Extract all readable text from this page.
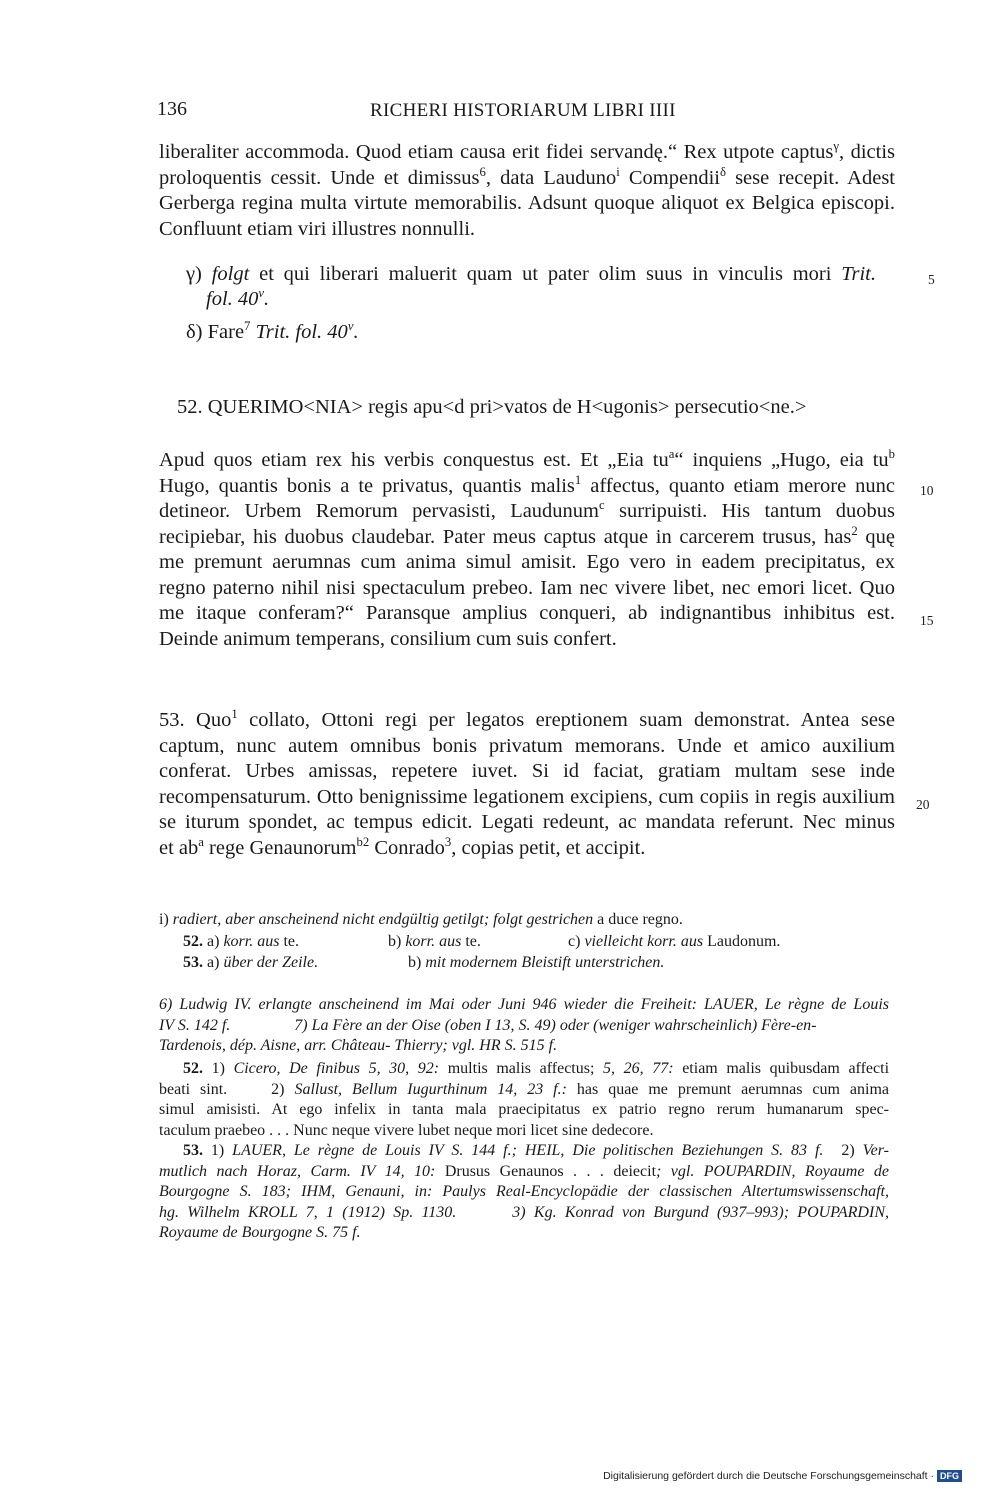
136	RICHERI HISTORIARUM LIBRI IIII
liberaliter accommoda. Quod etiam causa erit fidei servandę.“ Rex utpote captus$^\gamma$, dictis
proloquentis cessit. Unde et dimissus$^6$, data Lauduno$^i$ Compendii$^\delta$ sese recepit. Adest
Gerberga regina multa virtute memorabilis. Adsunt quoque aliquot ex Belgica episcopi.
Confluunt etiam viri illustres nonnulli.
γ) folgt et qui liberari maluerit quam ut pater olim suus in vinculis mori Trit.
fol. 40$^v$.
δ) Fare$^7$ Trit. fol. 40$^v$.
5
52. QUERIMO<NIA> regis apu<d pri>vatos de H<ugonis> persecutio<ne.>
Apud quos etiam rex his verbis conquestus est. Et „Eia $tu^a“$ inquiens „Hugo, eia $tu^b$
Hugo, quantis bonis a te privatus, quantis malis$^1$ affectus, quanto etiam merore nunc
detineor. Urbem Remorum pervasisti, Laudunum$^c$ surripuisti. His tantum duobus
recipiebar, his duobus claudebar. Pater meus captus atque in carcerem trusus, has$^2$ quę
me premunt aerumnas cum anima simul amisit. Ego vero in eadem precipitatus, ex
regno paterno nihil nisi spectaculum prebeo. Iam nec vivere libet, nec emori licet. Quo
me itaque conferam?“ Paransque amplius conqueri, ab indignantibus inhibitus est.
Deinde animum temperans, consilium cum suis confert.
10
15
53. Quo$^1$ collato, Ottoni regi per legatos ereptionem suam demonstrat. Antea sese
captum, nunc autem omnibus bonis privatum memorans. Unde et amico auxilium
conferat. Urbes amissas, repetere iuvet. Si id faciat, gratiam multam sese inde
recompensaturum. Otto benignissime legationem excipiens, cum copiis in regis auxilium
se iturum spondet, ac tempus edicit. Legati redeunt, ac mandata referunt. Nec minus
et $ab^a$ rege Genaunorum$^{b2}$ Conrado$^3$, copias petit, et accipit.
20
i) radiert, aber anscheinend nicht endgültig getilgt; folgt gestrichen a duce regno.
52. a) korr. aus te.	b) korr. aus te.	c) vielleicht korr. aus Laudonum.
53. a) über der Zeile.	b) mit modernem Bleistift unterstrichen.
6) Ludwig IV. erlangte anscheinend im Mai oder Juni 946 wieder die Freiheit: LAUER, Le règne de Louis
IV S. 142 f.	7) La Fère an der Oise (oben I 13, S. 49) oder (weniger wahrscheinlich) Fère-en-
Tardenois, dép. Aisne, arr. Château- Thierry; vgl. HR S. 515 f.
52. 1) Cicero, De finibus 5, 30, 92: multis malis affectus; 5, 26, 77: etiam malis quibusdam affecti
beati sint.	2) Sallust, Bellum Iugurthinum 14, 23 f.: has quae me premunt aerumnas cum anima
simul amisisti. At ego infelix in tanta mala praecipitatus ex patrio regno rerum humanarum spec-
taculum praebeo . . . Nunc neque vivere lubet neque mori licet sine dedecore.
53. 1) LAUER, Le règne de Louis IV S. 144 f.; HEIL, Die politischen Beziehungen S. 83 f. 2) Ver-
mutlich nach Horaz, Carm. IV 14, 10: Drusus Genaunos . . . deiecit; vgl. POUPARDIN, Royaume de
Bourgogne S. 183; IHM, Genauni, in: Paulys Real-Encyclopädie der classischen Altertumswissenschaft,
hg. Wilhelm KROLL 7, 1 (1912) Sp. 1130.	3) Kg. Konrad von Burgund (937–993); POUPARDIN,
Royaume de Bourgogne S. 75 f.
Digitalisierung gefördert durch die Deutsche Forschungsgemeinschaft · DFG
